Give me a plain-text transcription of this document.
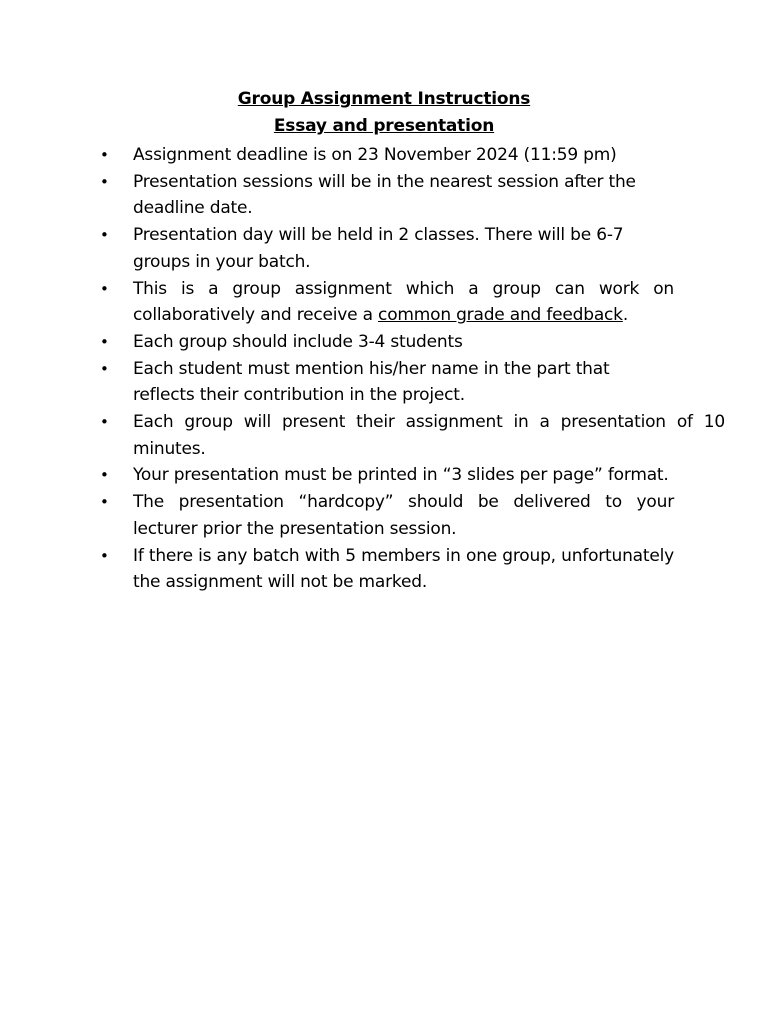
Group Assignment Instructions
Essay and presentation
• Assignment deadline is on 23 November 2024 (11:59 pm)
• Presentation sessions will be in the nearest session after the deadline date.
• Presentation day will be held in 2 classes. There will be 6-7 groups in your batch.
• This is a group assignment which a group can work on collaboratively and receive a common grade and feedback.
• Each group should include 3-4 students
• Each student must mention his/her name in the part that reflects their contribution in the project.
• Each group will present their assignment in a presentation of 10 minutes.
• Your presentation must be printed in “3 slides per page” format.
• The presentation “hardcopy” should be delivered to your lecturer prior the presentation session.
• If there is any batch with 5 members in one group, unfortunately the assignment will not be marked.
